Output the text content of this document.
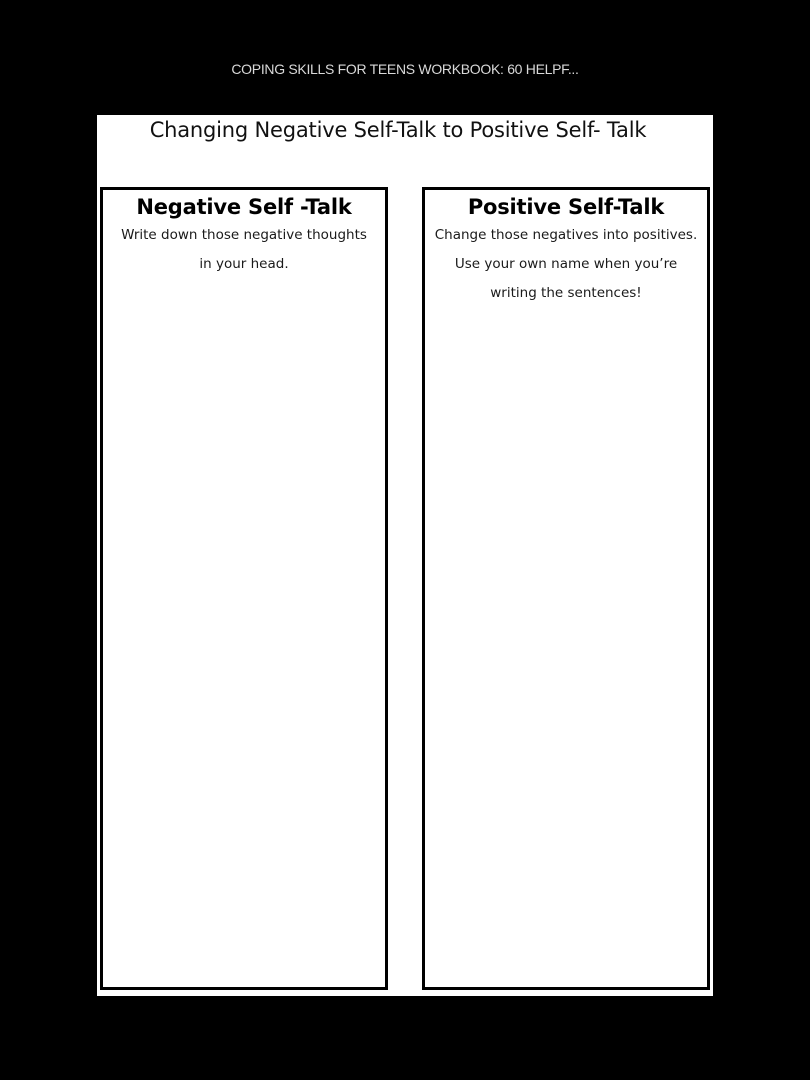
COPING SKILLS FOR TEENS WORKBOOK: 60 HELPF...
Changing Negative Self-Talk to Positive Self- Talk
Negative Self -Talk
Write down those negative thoughts
in your head.
Positive Self-Talk
Change those negatives into positives.
Use your own name when you’re
writing the sentences!
